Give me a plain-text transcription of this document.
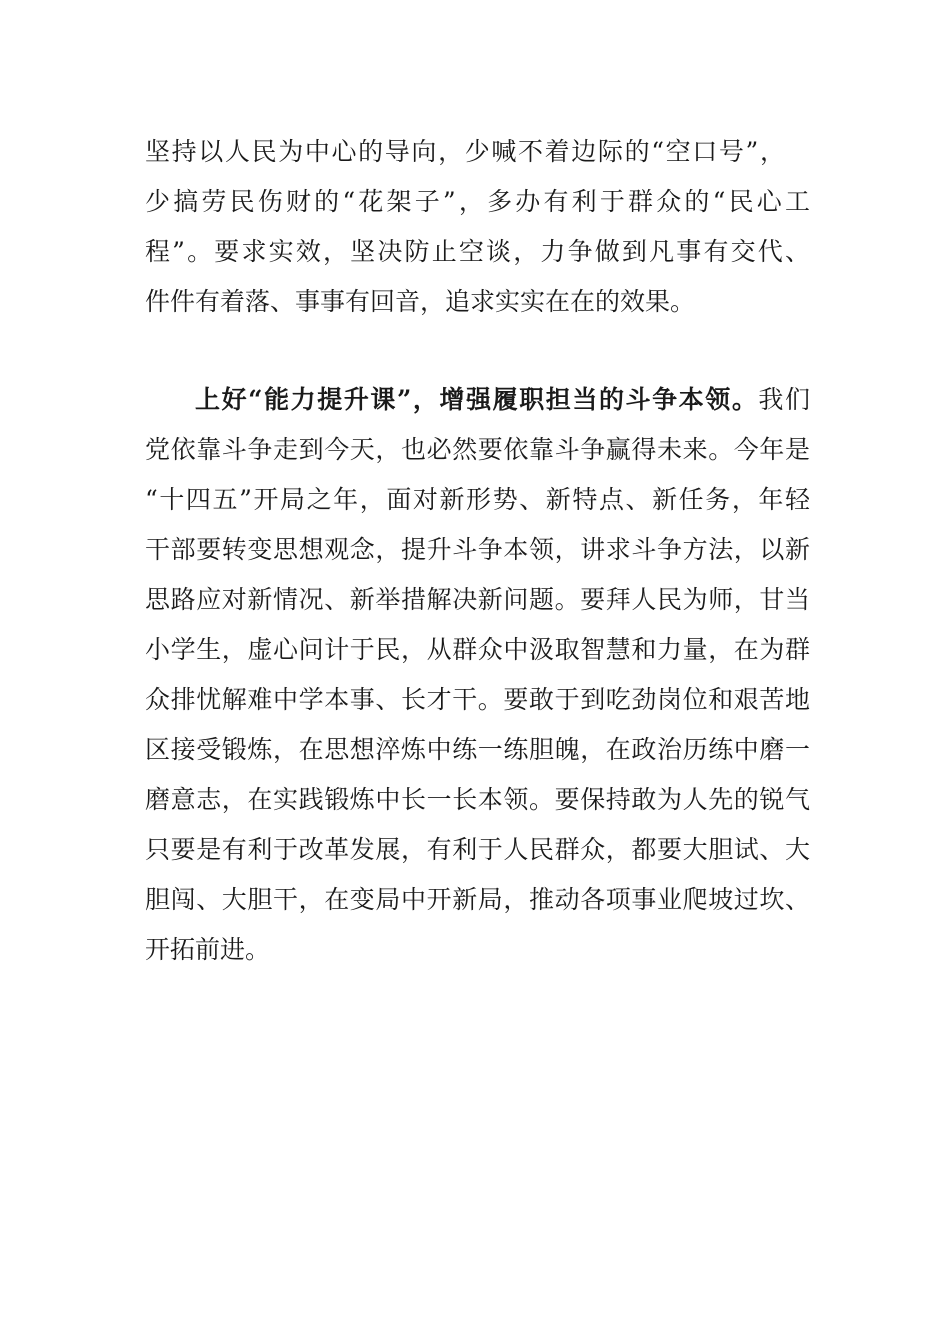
坚持以人民为中心的导向，少喊不着边际的“空口号”，
少搞劳民伤财的“花架子”，多办有利于群众的“民心工
程”。要求实效，坚决防止空谈，力争做到凡事有交代、
件件有着落、事事有回音，追求实实在在的效果。
上好“能力提升课”，增强履职担当的斗争本领。我们
党依靠斗争走到今天，也必然要依靠斗争赢得未来。今年是
“十四五”开局之年，面对新形势、新特点、新任务，年轻
干部要转变思想观念，提升斗争本领，讲求斗争方法，以新
思路应对新情况、新举措解决新问题。要拜人民为师，甘当
小学生，虚心问计于民，从群众中汲取智慧和力量，在为群
众排忧解难中学本事、长才干。要敢于到吃劲岗位和艰苦地
区接受锻炼，在思想淬炼中练一练胆魄，在政治历练中磨一
磨意志，在实践锻炼中长一长本领。要保持敢为人先的锐气
只要是有利于改革发展，有利于人民群众，都要大胆试、大
胆闯、大胆干，在变局中开新局，推动各项事业爬坡过坎、
开拓前进。
